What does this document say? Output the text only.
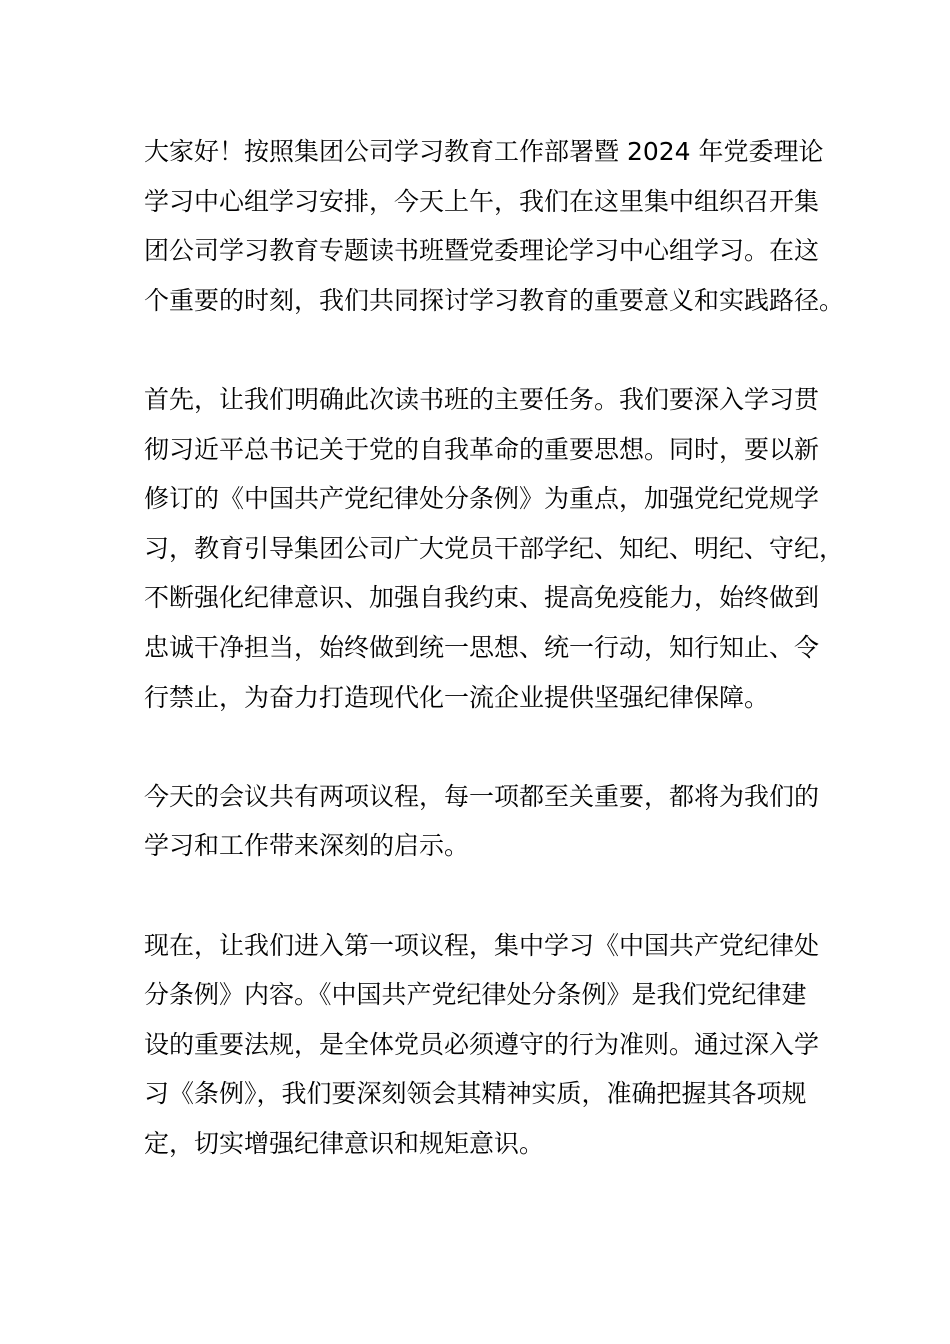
大家好！按照集团公司学习教育工作部署暨 2024 年党委理论
学习中心组学习安排，今天上午，我们在这里集中组织召开集
团公司学习教育专题读书班暨党委理论学习中心组学习。在这
个重要的时刻，我们共同探讨学习教育的重要意义和实践路径。

首先，让我们明确此次读书班的主要任务。我们要深入学习贯
彻习近平总书记关于党的自我革命的重要思想。同时，要以新
修订的《中国共产党纪律处分条例》为重点，加强党纪党规学
习，教育引导集团公司广大党员干部学纪、知纪、明纪、守纪，
不断强化纪律意识、加强自我约束、提高免疫能力，始终做到
忠诚干净担当，始终做到统一思想、统一行动，知行知止、令
行禁止，为奋力打造现代化一流企业提供坚强纪律保障。

今天的会议共有两项议程，每一项都至关重要，都将为我们的
学习和工作带来深刻的启示。

现在，让我们进入第一项议程，集中学习《中国共产党纪律处
分条例》内容。《中国共产党纪律处分条例》是我们党纪律建
设的重要法规，是全体党员必须遵守的行为准则。通过深入学
习《条例》，我们要深刻领会其精神实质，准确把握其各项规
定，切实增强纪律意识和规矩意识。
